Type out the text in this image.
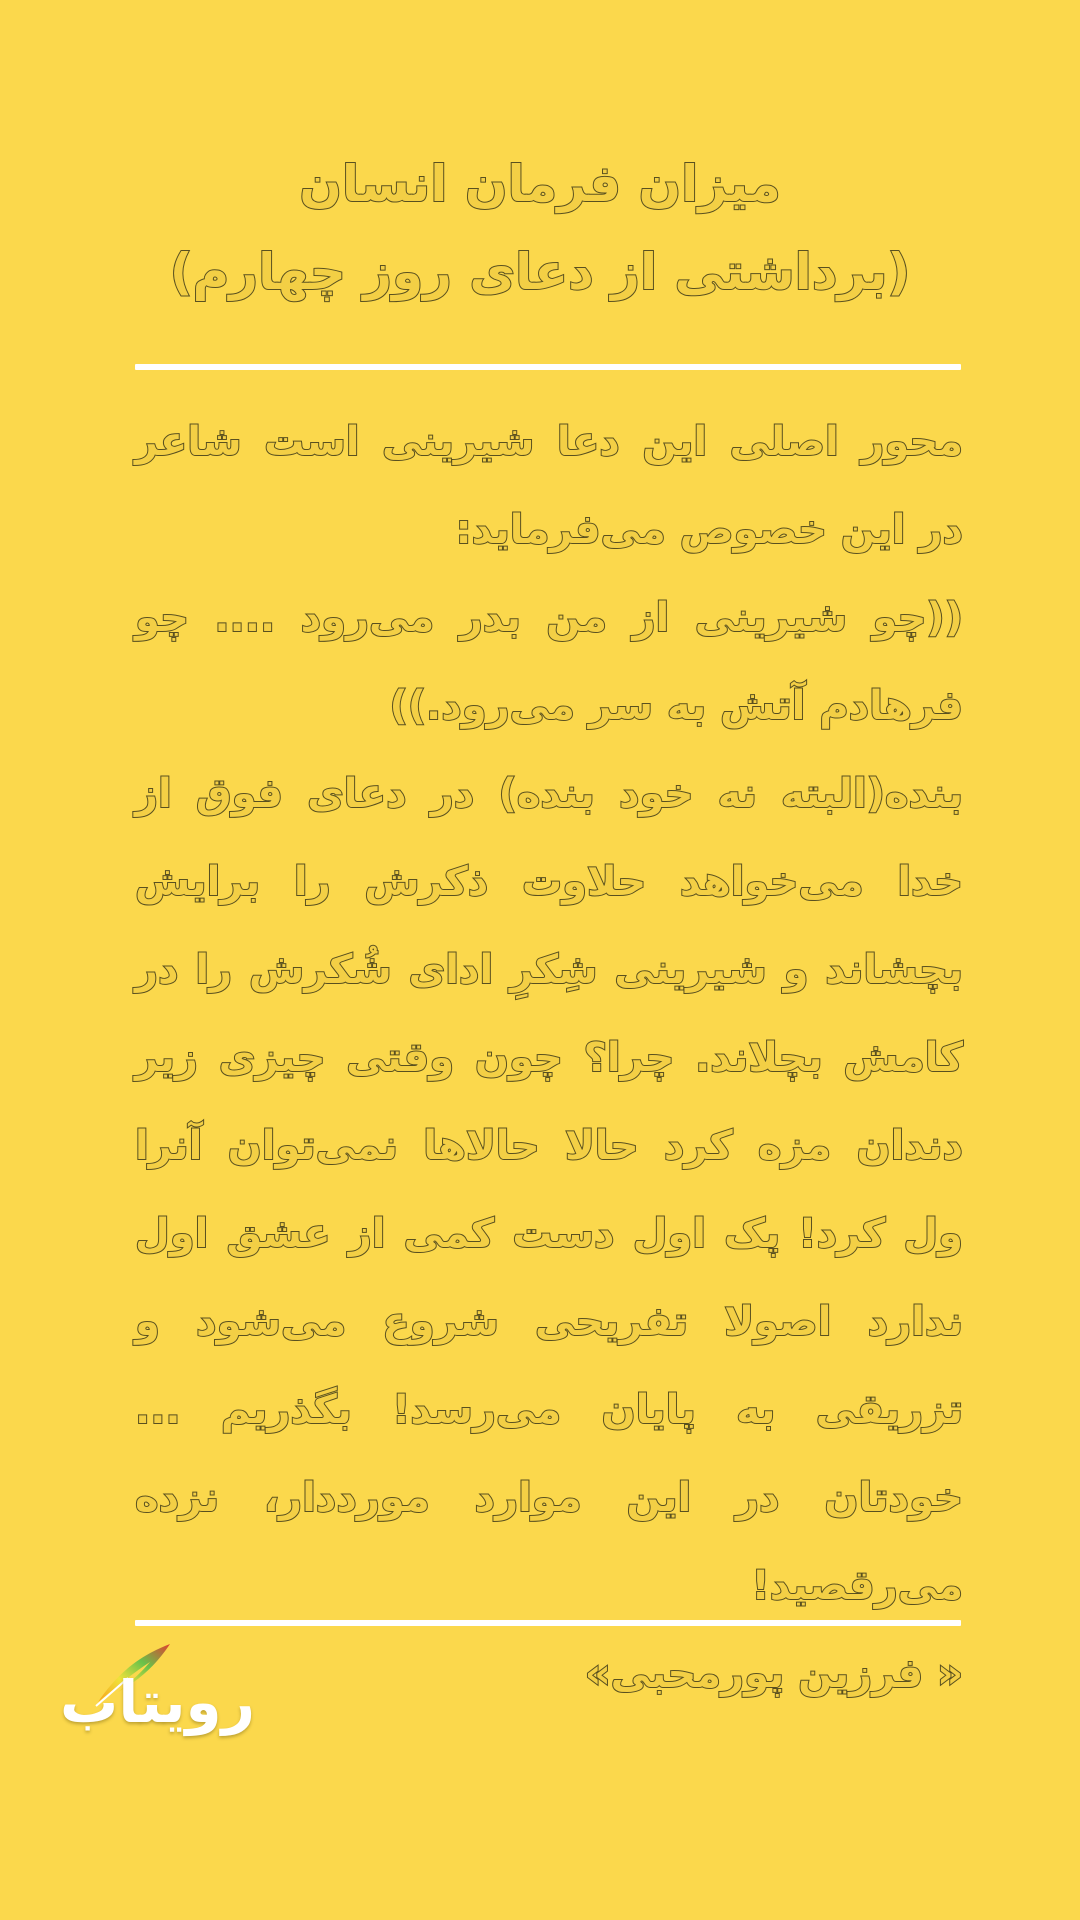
میزان فرمان انسان
(برداشتی از دعای روز چهارم)

محور اصلی این دعا شیرینی است شاعر در این خصوص می‌فرماید:

((چو شیرینی از من بدر می‌رود .... چو فرهادم آتش به سر می‌رود.))

بنده(البته نه خود بنده) در دعای فوق از خدا می‌خواهد حلاوت ذکرش را برایش بچشاند و شیرینی شِکرِ ادای شُکرش را در کامش بچلاند. چرا؟ چون وقتی چیزی زیر دندان مزه کرد حالا حالاها نمی‌توان آنرا ول کرد! پک اول دست کمی از عشق اول ندارد اصولا تفریحی شروع می‌شود و تزریقی به پایان می‌رسد! بگذریم ... خودتان در این موارد مورددار، نزده می‌رقصید!

« فرزین پورمحبی»

رویتاب
